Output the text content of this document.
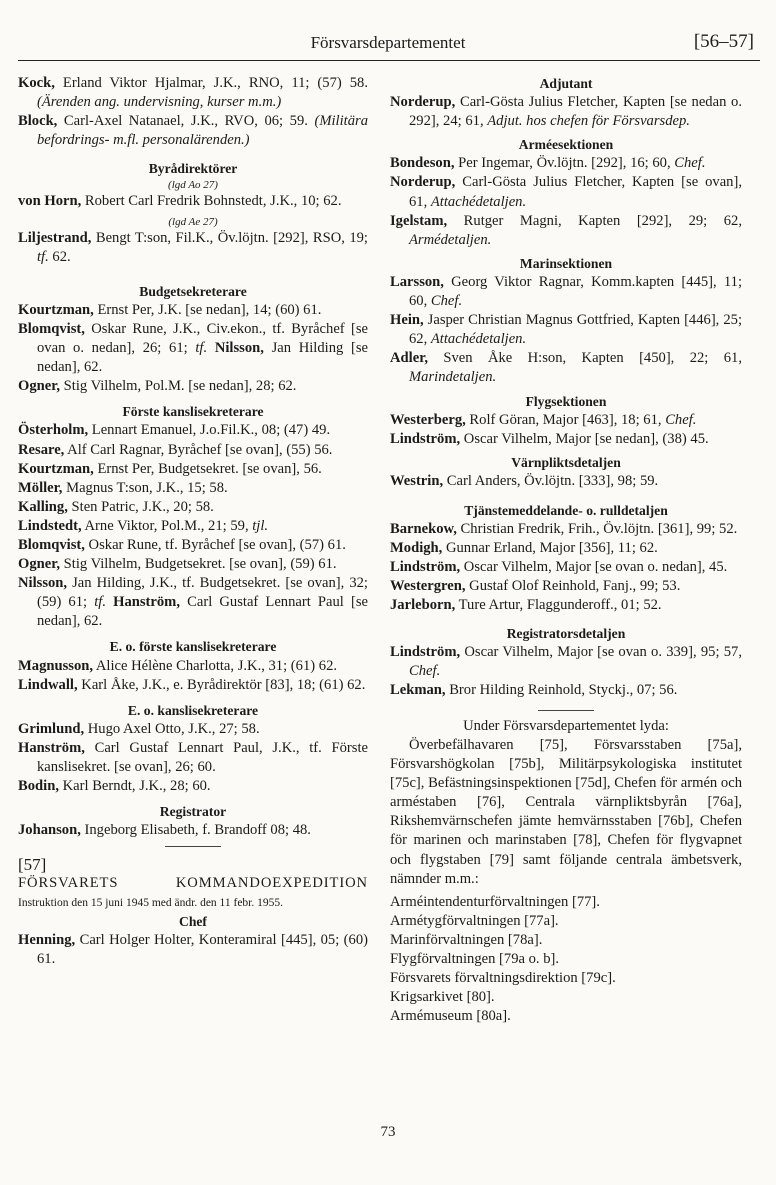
Försvarsdepartementet	[56–57]

Kock, Erland Viktor Hjalmar, J.K., RNO, 11; (57) 58. (Ärenden ang. undervisning, kurser m.m.)

Block, Carl-Axel Natanael, J.K., RVO, 06; 59. (Militära befordrings- m.fl. personalärenden.)

Byrådirektörer
(lgd Ao 27)

von Horn, Robert Carl Fredrik Bohnstedt, J.K., 10; 62.

(lgd Ae 27)

Liljestrand, Bengt T:son, Fil.K., Öv.löjtn. [292], RSO, 19; tf. 62.

Budgetsekreterare

Kourtzman, Ernst Per, J.K. [se nedan], 14; (60) 61.

Blomqvist, Oskar Rune, J.K., Civ.ekon., tf. Byråchef [se ovan o. nedan], 26; 61; tf. Nilsson, Jan Hilding [se nedan], 62.

Ogner, Stig Vilhelm, Pol.M. [se nedan], 28; 62.

Förste kanslisekreterare

Österholm, Lennart Emanuel, J.o.Fil.K., 08; (47) 49.

Resare, Alf Carl Ragnar, Byråchef [se ovan], (55) 56.

Kourtzman, Ernst Per, Budgetsekret. [se ovan], 56.

Möller, Magnus T:son, J.K., 15; 58.

Kalling, Sten Patric, J.K., 20; 58.

Lindstedt, Arne Viktor, Pol.M., 21; 59, tjl.

Blomqvist, Oskar Rune, tf. Byråchef [se ovan], (57) 61.

Ogner, Stig Vilhelm, Budgetsekret. [se ovan], (59) 61.

Nilsson, Jan Hilding, J.K., tf. Budgetsekret. [se ovan], 32; (59) 61; tf. Hanström, Carl Gustaf Lennart Paul [se nedan], 62.

E. o. förste kanslisekreterare

Magnusson, Alice Hélène Charlotta, J.K., 31; (61) 62.

Lindwall, Karl Åke, J.K., e. Byrådirektör [83], 18; (61) 62.

E. o. kanslisekreterare

Grimlund, Hugo Axel Otto, J.K., 27; 58.

Hanström, Carl Gustaf Lennart Paul, J.K., tf. Förste kanslisekret. [se ovan], 26; 60.

Bodin, Karl Berndt, J.K., 28; 60.

Registrator

Johanson, Ingeborg Elisabeth, f. Brandoff 08; 48.

[57]
FÖRSVARETS KOMMANDOEXPEDITION
Instruktion den 15 juni 1945 med ändr. den 11 febr. 1955.
Chef

Henning, Carl Holger Holter, Konteramiral [445], 05; (60) 61.

Adjutant

Norderup, Carl-Gösta Julius Fletcher, Kapten [se nedan o. 292], 24; 61, Adjut. hos chefen för Försvarsdep.

Arméesektionen

Bondeson, Per Ingemar, Öv.löjtn. [292], 16; 60, Chef.

Norderup, Carl-Gösta Julius Fletcher, Kapten [se ovan], 61, Attachédetaljen.

Igelstam, Rutger Magni, Kapten [292], 29; 62, Armédetaljen.

Marinsektionen

Larsson, Georg Viktor Ragnar, Komm.kapten [445], 11; 60, Chef.

Hein, Jasper Christian Magnus Gottfried, Kapten [446], 25; 62, Attachédetaljen.

Adler, Sven Åke H:son, Kapten [450], 22; 61, Marindetaljen.

Flygsektionen

Westerberg, Rolf Göran, Major [463], 18; 61, Chef.

Lindström, Oscar Vilhelm, Major [se nedan], (38) 45.

Värnpliktsdetaljen

Westrin, Carl Anders, Öv.löjtn. [333], 98; 59.

Tjänstemeddelande- o. rulldetaljen

Barnekow, Christian Fredrik, Frih., Öv.löjtn. [361], 99; 52.

Modigh, Gunnar Erland, Major [356], 11; 62.

Lindström, Oscar Vilhelm, Major [se ovan o. nedan], 45.

Westergren, Gustaf Olof Reinhold, Fanj., 99; 53.

Jarleborn, Ture Artur, Flaggunderoff., 01; 52.

Registratorsdetaljen

Lindström, Oscar Vilhelm, Major [se ovan o. 339], 95; 57, Chef.

Lekman, Bror Hilding Reinhold, Styckj., 07; 56.

Under Försvarsdepartementet lyda:

Överbefälhavaren [75], Försvarsstaben [75a], Försvarshögkolan [75b], Militärpsykologiska institutet [75c], Befästningsinspektionen [75d], Chefen för armén och arméstaben [76], Centrala värnpliktsbyrån [76a], Rikshemvärnschefen jämte hemvärnsstaben [76b], Chefen för marinen och marinstaben [78], Chefen för flygvapnet och flygstaben [79] samt följande centrala ämbetsverk, nämnder m.m.:

Arméintendenturförvaltningen [77].
Armétygförvaltningen [77a].
Marinförvaltningen [78a].
Flygförvaltningen [79a o. b].
Försvarets förvaltningsdirektion [79c].
Krigsarkivet [80].
Armémuseum [80a].
73
